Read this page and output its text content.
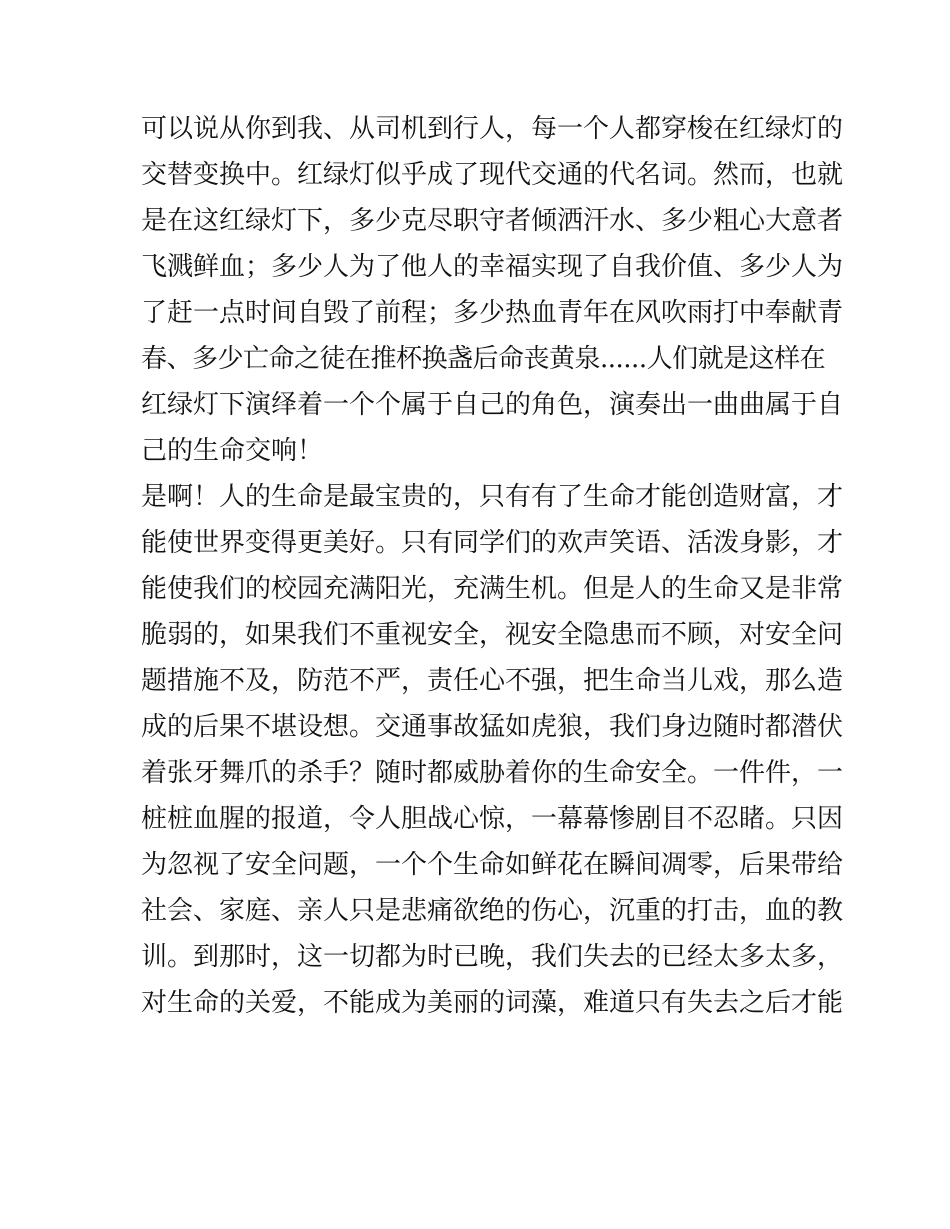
可以说从你到我、从司机到行人，每一个人都穿梭在红绿灯的
交替变换中。红绿灯似乎成了现代交通的代名词。然而，也就
是在这红绿灯下，多少克尽职守者倾洒汗水、多少粗心大意者
飞溅鲜血；多少人为了他人的幸福实现了自我价值、多少人为
了赶一点时间自毁了前程；多少热血青年在风吹雨打中奉献青
春、多少亡命之徒在推杯换盏后命丧黄泉......人们就是这样在
红绿灯下演绎着一个个属于自己的角色，演奏出一曲曲属于自
己的生命交响！
是啊！人的生命是最宝贵的，只有有了生命才能创造财富，才
能使世界变得更美好。只有同学们的欢声笑语、活泼身影，才
能使我们的校园充满阳光，充满生机。但是人的生命又是非常
脆弱的，如果我们不重视安全，视安全隐患而不顾，对安全问
题措施不及，防范不严，责任心不强，把生命当儿戏，那么造
成的后果不堪设想。交通事故猛如虎狼，我们身边随时都潜伏
着张牙舞爪的杀手？随时都威胁着你的生命安全。一件件，一
桩桩血腥的报道，令人胆战心惊，一幕幕惨剧目不忍睹。只因
为忽视了安全问题，一个个生命如鲜花在瞬间凋零，后果带给
社会、家庭、亲人只是悲痛欲绝的伤心，沉重的打击，血的教
训。到那时，这一切都为时已晚，我们失去的已经太多太多，
对生命的关爱，不能成为美丽的词藻，难道只有失去之后才能
